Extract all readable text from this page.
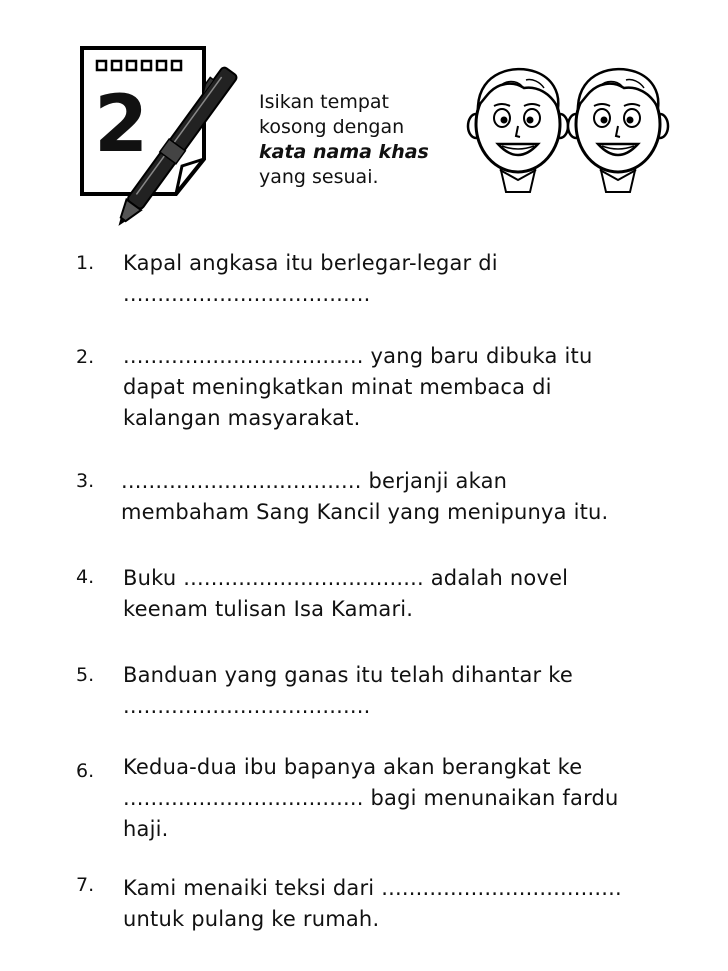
2	Isikan tempat
kosong dengan
kata nama khas
yang sesuai.
1. Kapal angkasa itu berlegar-legar di
....................................
2. ................................... yang baru dibuka itu
dapat meningkatkan minat membaca di
kalangan masyarakat.
3. ................................... berjanji akan
membaham Sang Kancil yang menipunya itu.
4. Buku ................................... adalah novel
keenam tulisan Isa Kamari.
5. Banduan yang ganas itu telah dihantar ke
....................................
6. Kedua-dua ibu bapanya akan berangkat ke
................................... bagi menunaikan fardu
haji.
7. Kami menaiki teksi dari ...................................
untuk pulang ke rumah.
